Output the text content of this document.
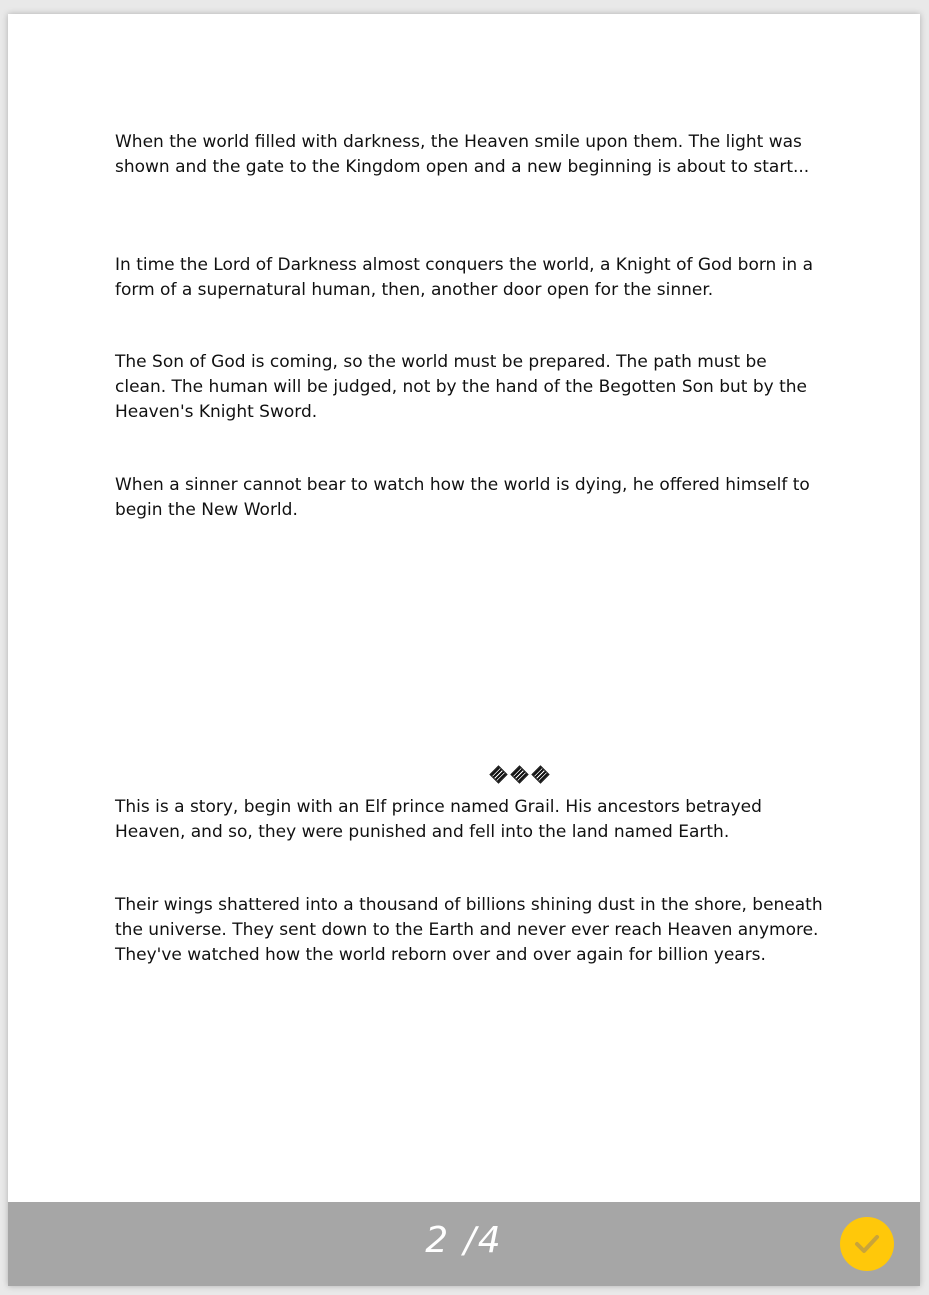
When the world filled with darkness, the Heaven smile upon them. The light was shown and the gate to the Kingdom open and a new beginning is about to start...

In time the Lord of Darkness almost conquers the world, a Knight of God born in a form of a supernatural human, then, another door open for the sinner.

The Son of God is coming, so the world must be prepared. The path must be clean. The human will be judged, not by the hand of the Begotten Son but by the Heaven's Knight Sword.

When a sinner cannot bear to watch how the world is dying, he offered himself to begin the New World.

This is a story, begin with an Elf prince named Grail. His ancestors betrayed Heaven, and so, they were punished and fell into the land named Earth.

Their wings shattered into a thousand of billions shining dust in the shore, beneath the universe. They sent down to the Earth and never ever reach Heaven anymore. They've watched how the world reborn over and over again for billion years.

2 /4
